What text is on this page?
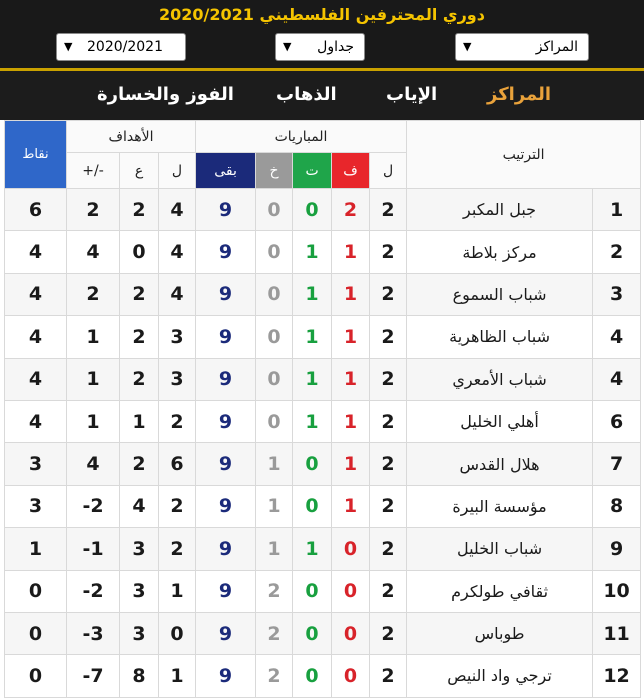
دوري المحترفين الفلسطيني 2020/2021
▼ 2020/2021	▼ جداول	▼	المراكز
المراكز
الإياب
الذهاب
الفوز والخسارة
نقاط	الأهداف			المباريات					الترتيب	
	+/-	ع	ل	بقى	خ	ت	ف	ل		
6	2	2	4	9	0	0	2	2	جبل المكبر	1
4	4	0	4	9	0	1	1	2	مركز بلاطة	2
4	2	2	4	9	0	1	1	2	شباب السموع	3
4	1	2	3	9	0	1	1	2	شباب الظاهرية	4
4	1	2	3	9	0	1	1	2	شباب الأمعري	4
4	1	1	2	9	0	1	1	2	أهلي الخليل	6
3	4	2	6	9	1	0	1	2	هلال القدس	7
3	-2	4	2	9	1	0	1	2	مؤسسة البيرة	8
1	-1	3	2	9	1	1	0	2	شباب الخليل	9
0	-2	3	1	9	2	0	0	2	ثقافي طولكرم	10
0	-3	3	0	9	2	0	0	2	طوباس	11
0	-7	8	1	9	2	0	0	2	ترجي واد النيص	12
